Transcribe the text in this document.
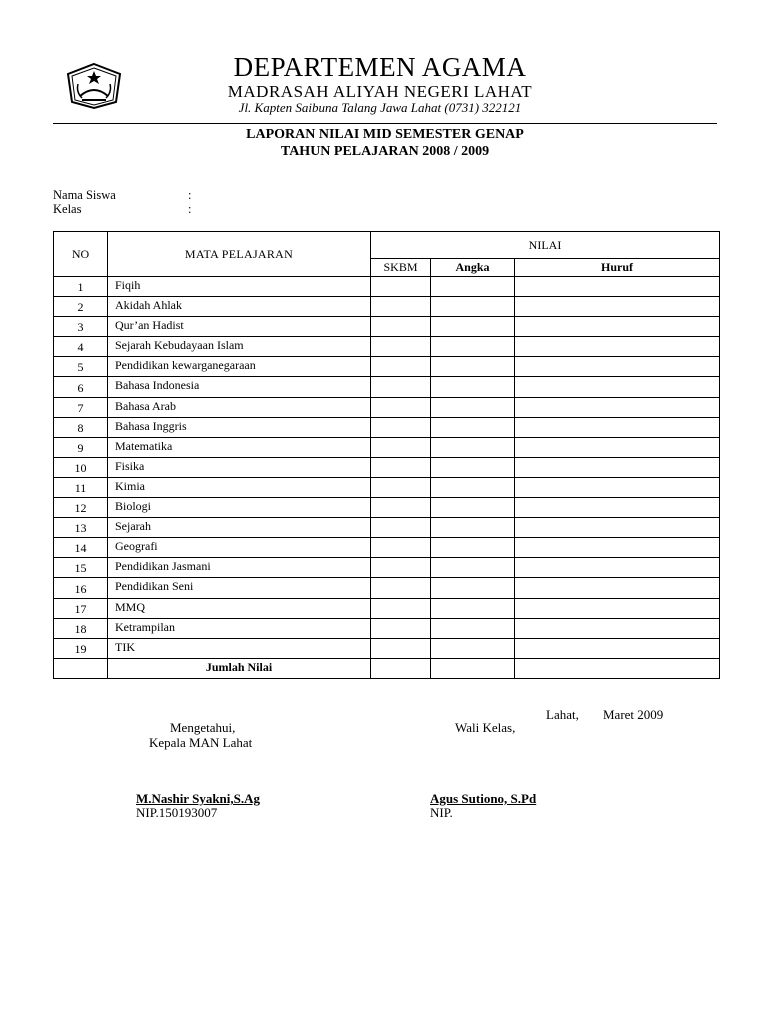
DEPARTEMEN AGAMA
MADRASAH ALIYAH NEGERI LAHAT
Jl. Kapten Saibuna Talang Jawa Lahat (0731) 322121
LAPORAN NILAI MID SEMESTER GENAP
TAHUN PELAJARAN 2008 / 2009
Nama Siswa	:
Kelas	:
NO	MATA PELAJARAN	NILAI		
		SKBM	Angka	Huruf
1	Fiqih			
2	Akidah Ahlak			
3	Qur’an Hadist			
4	Sejarah Kebudayaan Islam			
5	Pendidikan kewarganegaraan			
6	Bahasa Indonesia			
7	Bahasa Arab			
8	Bahasa Inggris			
9	Matematika			
10	Fisika			
11	Kimia			
12	Biologi			
13	Sejarah			
14	Geografi			
15	Pendidikan Jasmani			
16	Pendidikan Seni			
17	MMQ			
18	Ketrampilan			
19	TIK			
	Jumlah Nilai			
Lahat, Maret 2009
Mengetahui,
Kepala MAN Lahat
Wali Kelas,
M.Nashir Syakni,S.Ag
NIP.150193007
Agus Sutiono, S.Pd
NIP.
